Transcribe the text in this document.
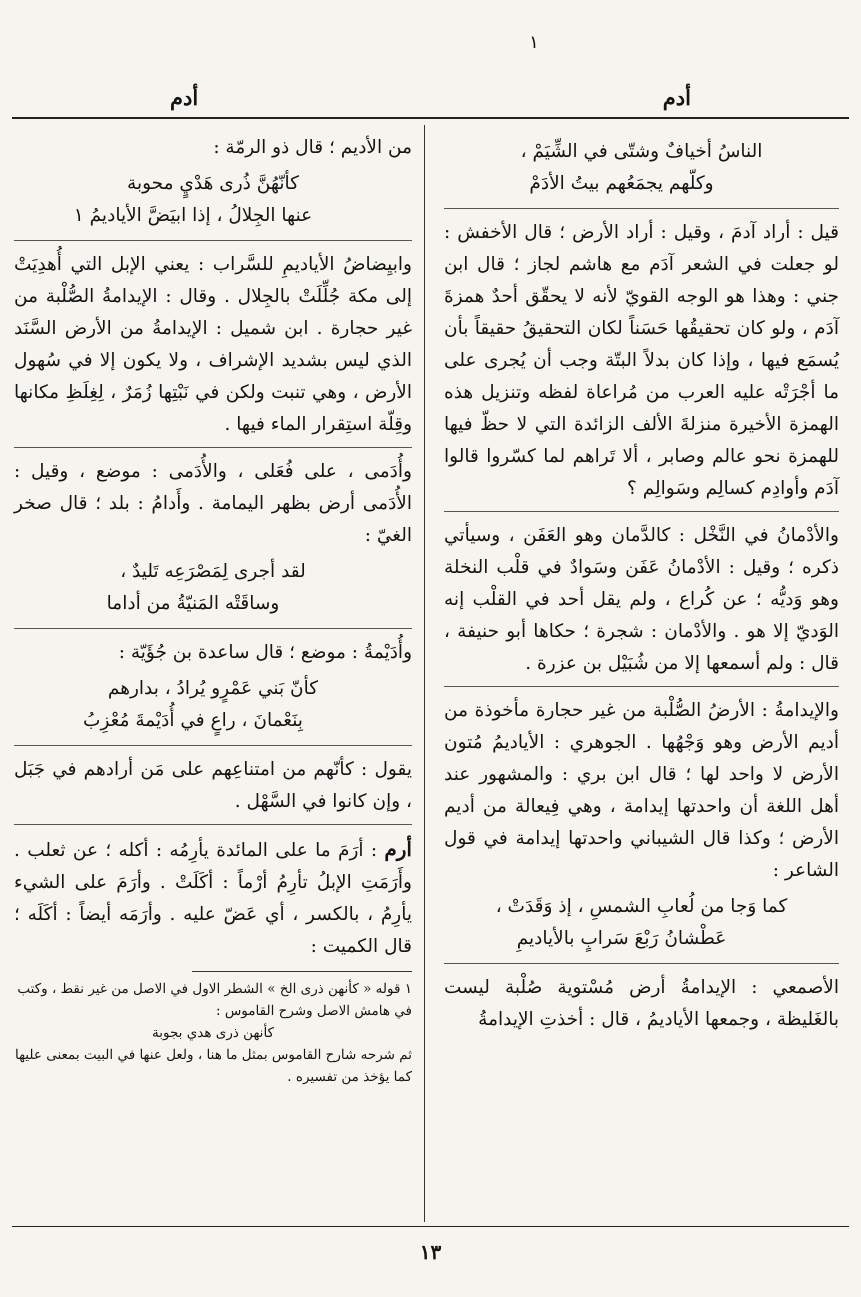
١
أدم
أدم
الناسُ أخيافٌ وشتّى في الشِّيَمْ ،
وكلّهم يجمَعُهم بيتُ الأدَمْ

قيل : أراد آدمَ ، وقيل : أراد الأرض ؛ قال الأخفش : لو جعلت في الشعر آدَم مع هاشم لجاز ؛ قال ابن جني : وهذا هو الوجه القويّ لأنه لا يحقّق أحدٌ همزةَ آدَم ، ولو كان تحقيقُها حَسَناً لكان التحقيقُ حقيقاً بأن يُسمَع فيها ، وإذا كان بدلاً البتّة وجب أن يُجرى على ما أجْرَتْه عليه العرب من مُراعاة لفظه وتنزيل هذه الهمزة الأخيرة منزلةَ الألف الزائدة التي لا حظّ فيها للهمزة نحو عالم وصابر ، ألا تَراهم لما كسّروا قالوا آدَم وأوادِم كسالِم وسَوالِم ؟

والأدْمانُ في النَّخْل : كالدَّمان وهو العَفَن ، وسيأتي ذكره ؛ وقيل : الأدْمانُ عَفَن وسَوادٌ في قلْب النخلة وهو وَديُّه ؛ عن كُراع ، ولم يقل أحد في القلْب إنه الوَديّ إلا هو . والأدْمان : شجرة ؛ حكاها أبو حنيفة ، قال : ولم أسمعها إلا من شُبَيْل بن عزرة .

والإيدامةُ : الأرضُ الصُّلْبة من غير حجارة مأخوذة من أديم الأرض وهو وَجْهُها . الجوهري : الأياديمُ مُتون الأرض لا واحد لها ؛ قال ابن بري : والمشهور عند أهل اللغة أن واحدتها إيدامة ، وهي فِيعالة من أديم الأرض ؛ وكذا قال الشيباني واحدتها إيدامة في قول الشاعر :

كما وَجا من لُعابِ الشمسِ ، إذ وَقَدَتْ ،
عَطْشانُ رَبْعَ سَرابٍ بالأياديمِ

الأصمعي : الإيدامةُ أرض مُسْتوية صُلْبة ليست بالغَليظة ، وجمعها الأياديمُ ، قال : أخذتِ الإيدامةُ

من الأديم ؛ قال ذو الرمّة :

كأنّهُنَّ ذُرى هَدْيٍ محوبة
عنها الجِلالُ ، إذا ابيَضَّ الأياديمُ ١

وابيِضاضُ الأياديمِ للسَّراب : يعني الإبل التي أُهدِيَتْ إلى مكة جُلِّلَتْ بالجِلال . وقال : الإيدامةُ الصُّلْبة من غير حجارة . ابن شميل : الإيدامةُ من الأرض السَّنَد الذي ليس بشديد الإشراف ، ولا يكون إلا في سُهول الأرض ، وهي تنبت ولكن في نَبْتِها زُمَرٌ ، لِغِلَظِ مكانها وقِلّة استِقرار الماء فيها .

وأُدَمى ، على فُعَلى ، والأُدَمى : موضع ، وقيل : الأُدَمى أرض بظهر اليمامة . وأَدامُ : بلد ؛ قال صخر الغيّ :

لقد أجرى لِمَصْرَعِه تَليدٌ ،
وساقَتْه المَنيّةُ من أداما

وأُدَيْمةُ : موضع ؛ قال ساعدة بن جُؤَيّة :

كأنّ بَني عَمْرٍو يُرادُ ، بدارهم
بِنَعْمانَ ، راعٍ في أُدَيْمةَ مُعْزِبُ

يقول : كأنّهم من امتناعِهم على مَن أرادهم في جَبَل ، وإن كانوا في السَّهْل .

أرم : أرَمَ ما على المائدة يأرِمُه : أكله ؛ عن ثعلب . وأَرَمَتِ الإبلُ تأرِمُ أرْماً : أكَلَتْ . وأرَمَ على الشيء يأرِمُ ، بالكسر ، أي عَضّ عليه . وأرَمَه أيضاً : أكَلَه ؛ قال الكميت :

١ قوله « كأنهن ذرى الخ » الشطر الاول في الاصل من غير نقط ، وكتب في هامش الاصل وشرح القاموس :
كأنهن ذرى هدي بجوبة
ثم شرحه شارح القاموس بمثل ما هنا ، ولعل عنها في البيت بمعنى عليها كما يؤخذ من تفسيره .
١٣
